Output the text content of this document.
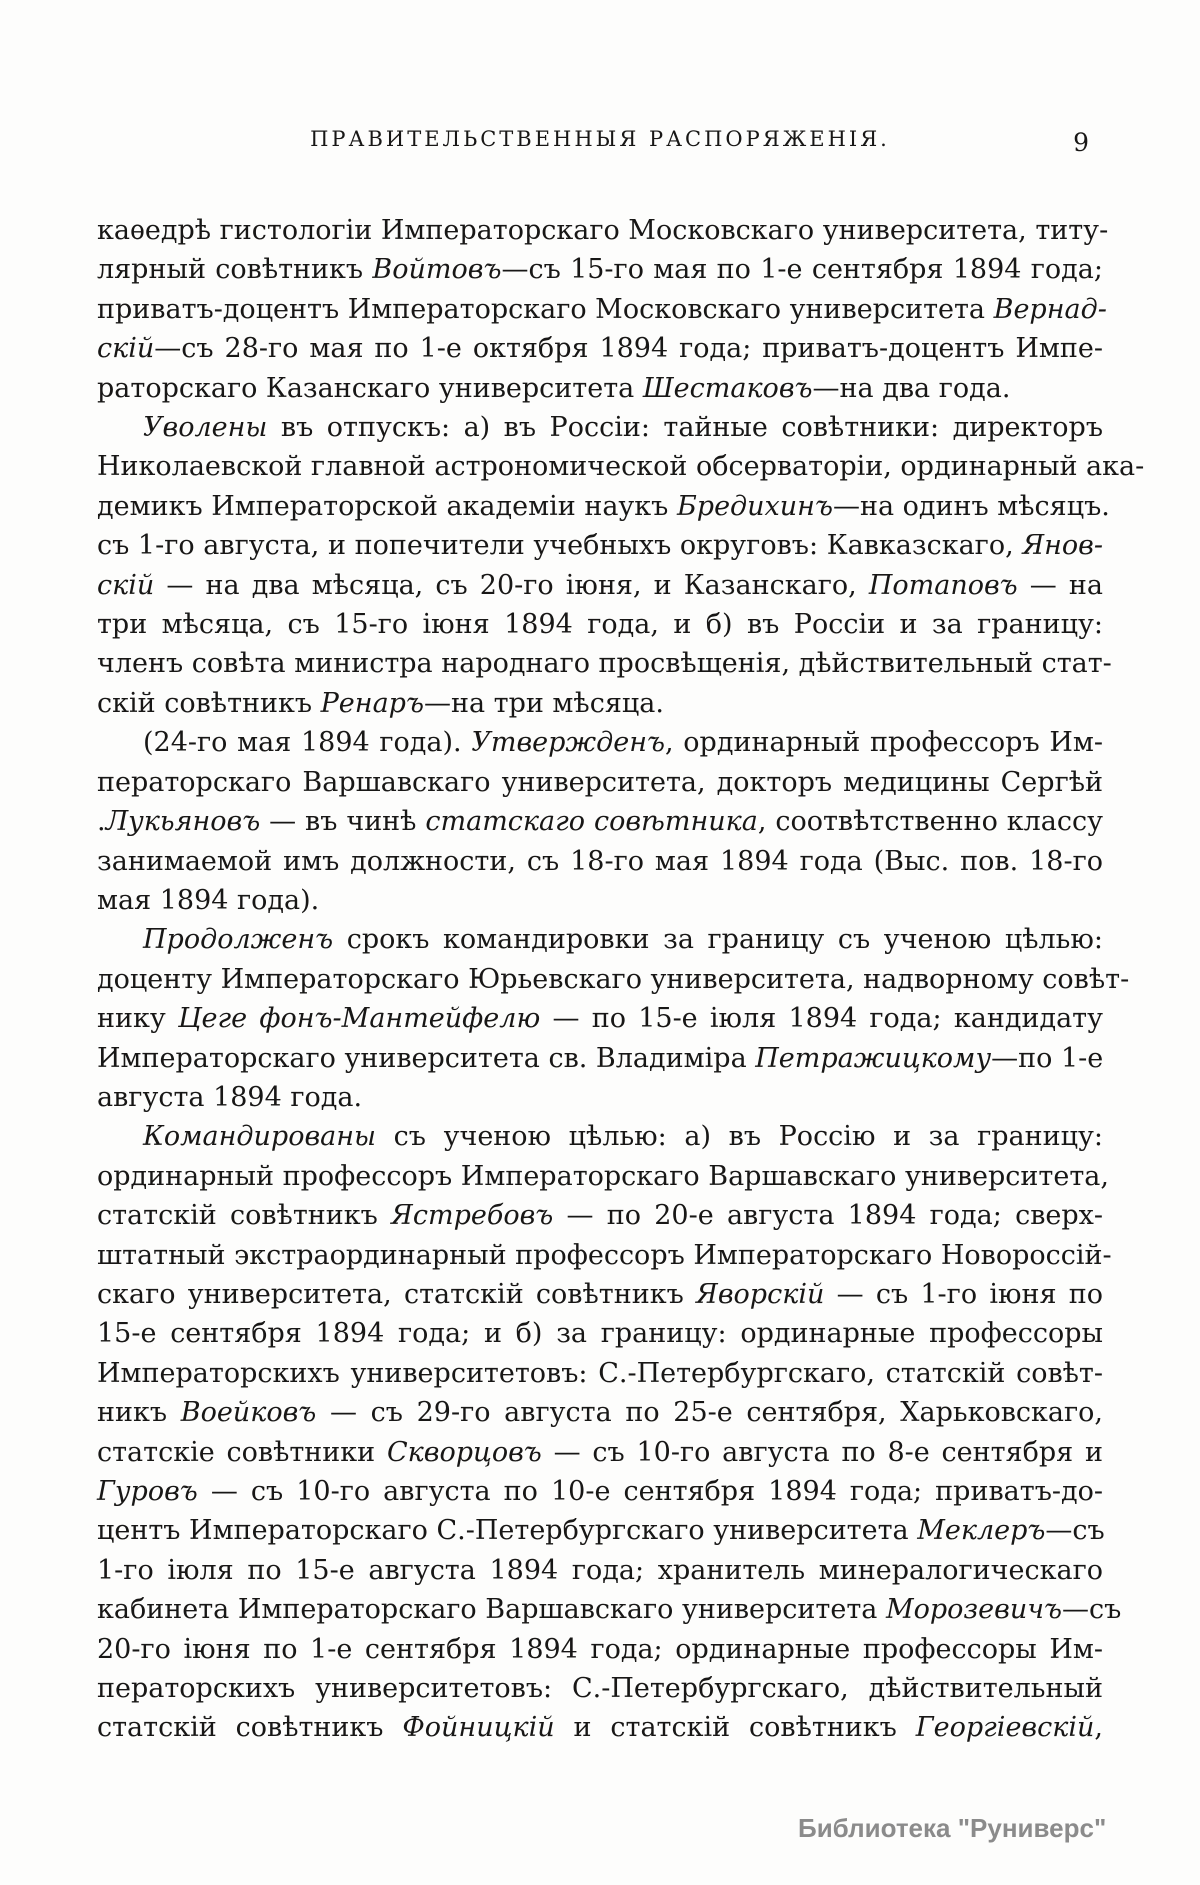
ПРАВИТЕЛЬСТВЕННЫЯ РАСПОРЯЖЕНІЯ.	9
каѳедрѣ гистологіи Императорскаго Московскаго университета, титу-
лярный совѣтникъ Войтовъ—съ 15-го мая по 1-е сентября 1894 года;
приватъ-доцентъ Императорскаго Московскаго университета Вернад-
скій—съ 28-го мая по 1-е октября 1894 года; приватъ-доцентъ Импе-
раторскаго Казанскаго университета Шестаковъ—на два года.
Уволены въ отпускъ: а) въ Россіи: тайные совѣтники: директоръ
Николаевской главной астрономической обсерваторіи, ординарный ака-
демикъ Императорской академіи наукъ Бредихинъ—на одинъ мѣсяцъ.
съ 1-го августа, и попечители учебныхъ округовъ: Кавказскаго, Янов-
скій — на два мѣсяца, съ 20-го іюня, и Казанскаго, Потаповъ — на
три мѣсяца, съ 15-го іюня 1894 года, и б) въ Россіи и за границу:
членъ совѣта министра народнаго просвѣщенія, дѣйствительный стат-
скій совѣтникъ Ренаръ—на три мѣсяца.
(24-го мая 1894 года). Утвержденъ, ординарный профессоръ Им-
ператорскаго Варшавскаго университета, докторъ медицины Сергѣй
.Лукьяновъ — въ чинѣ статскаго совѣтника, соотвѣтственно классу
занимаемой имъ должности, съ 18-го мая 1894 года (Выс. пов. 18-го
мая 1894 года).
Продолженъ срокъ командировки за границу съ ученою цѣлью:
доценту Императорскаго Юрьевскаго университета, надворному совѣт-
нику Цеге фонъ-Мантейфелю — по 15-е іюля 1894 года; кандидату
Императорскаго университета св. Владиміра Петражицкому—по 1-е
августа 1894 года.
Командированы съ ученою цѣлью: а) въ Россію и за границу:
ординарный профессоръ Императорскаго Варшавскаго университета,
статскій совѣтникъ Ястребовъ — по 20-е августа 1894 года; сверх-
штатный экстраординарный профессоръ Императорскаго Новороссій-
скаго университета, статскій совѣтникъ Яворскій — съ 1-го іюня по
15-е сентября 1894 года; и б) за границу: ординарные профессоры
Императорскихъ университетовъ: С.-Петербургскаго, статскій совѣт-
никъ Воейковъ — съ 29-го августа по 25-е сентября, Харьковскаго,
статскіе совѣтники Скворцовъ — съ 10-го августа по 8-е сентября и
Гуровъ — съ 10-го августа по 10-е сентября 1894 года; приватъ-до-
центъ Императорскаго С.-Петербургскаго университета Меклеръ—съ
1-го іюля по 15-е августа 1894 года; хранитель минералогическаго
кабинета Императорскаго Варшавскаго университета Морозевичъ—съ
20-го іюня по 1-е сентября 1894 года; ординарные профессоры Им-
ператорскихъ университетовъ: С.-Петербургскаго, дѣйствительный
статскій совѣтникъ Фойницкій и статскій совѣтникъ Георгіевскій,
Библиотека "Руниверс"
